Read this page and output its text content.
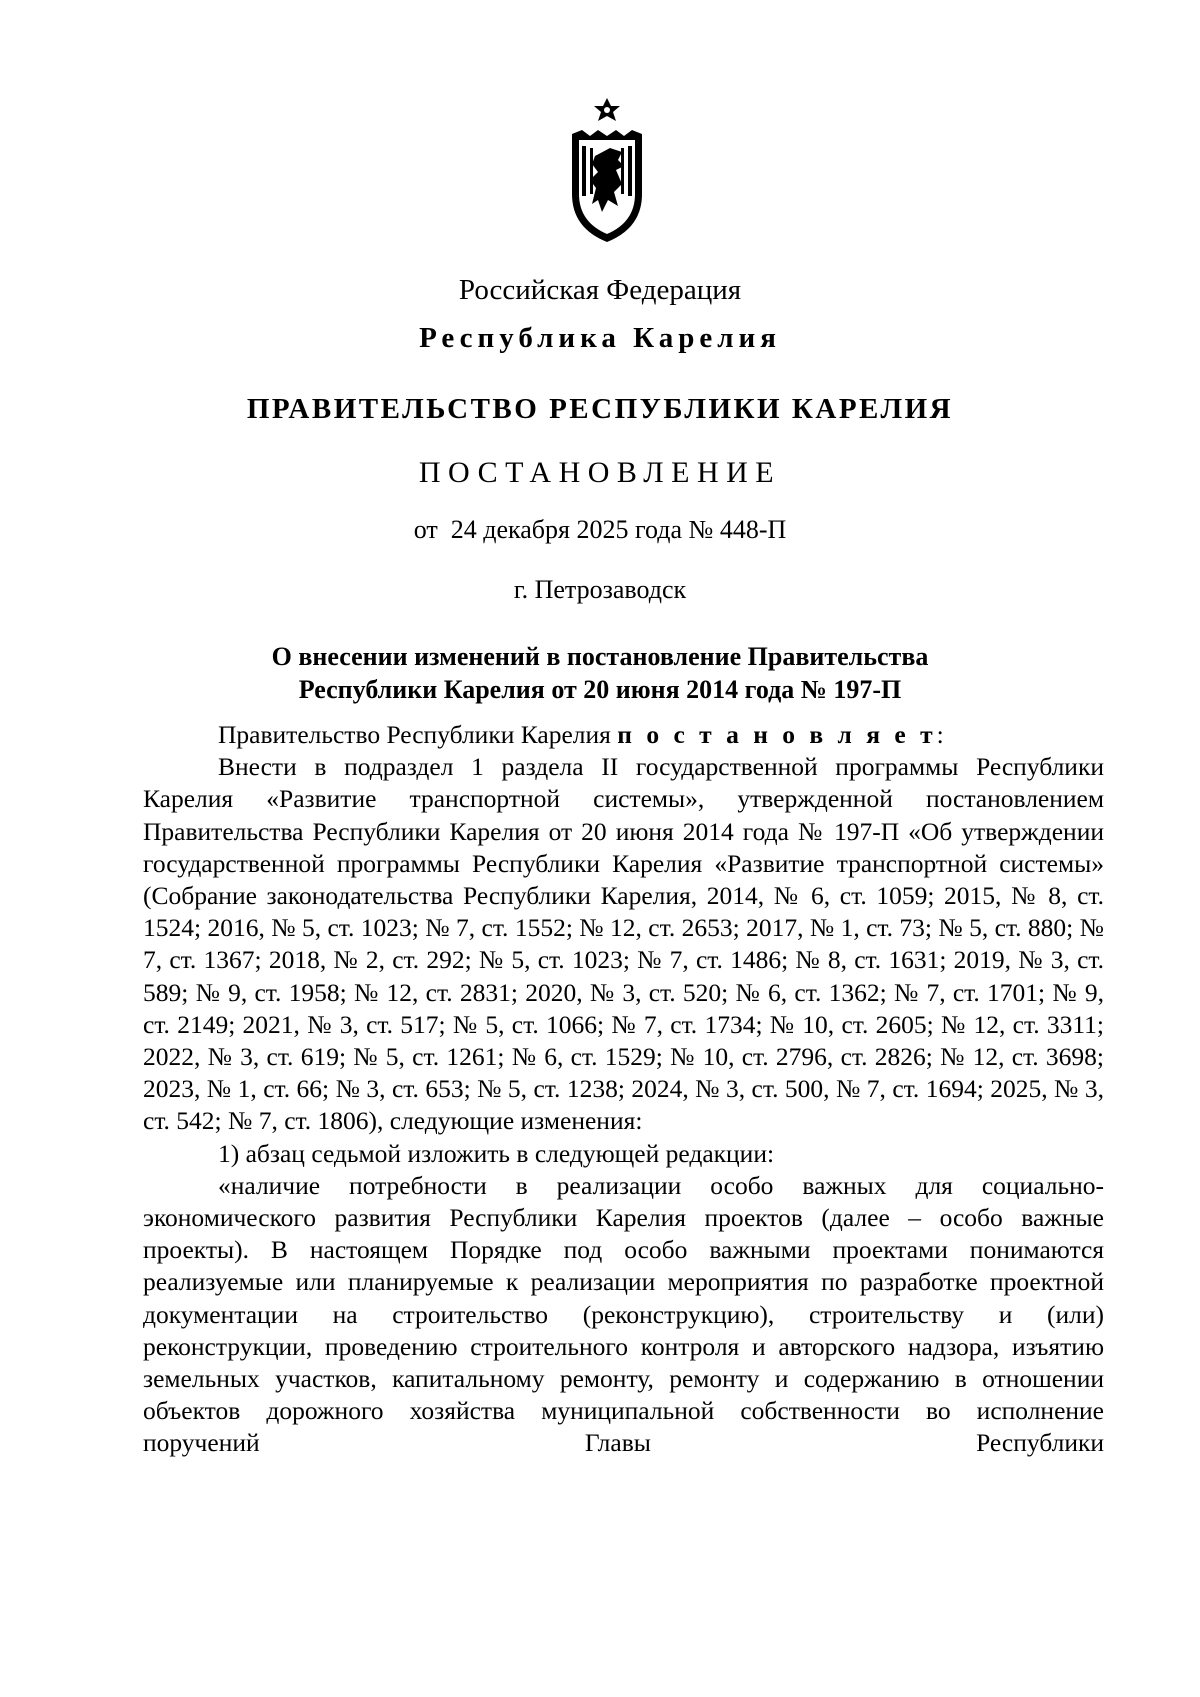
Российская Федерация
Республика Карелия
ПРАВИТЕЛЬСТВО РЕСПУБЛИКИ КАРЕЛИЯ
ПОСТАНОВЛЕНИЕ
от  24 декабря 2025 года № 448-П
г. Петрозаводск
О внесении изменений в постановление Правительства
Республики Карелия от 20 июня 2014 года № 197-П

Правительство Республики Карелия п о с т а н о в л я е т:

Внести в подраздел 1 раздела II государственной программы Республики Карелия «Развитие транспортной системы», утвержденной постановлением Правительства Республики Карелия от 20 июня 2014 года № 197-П «Об утверждении государственной программы Республики Карелия «Развитие транспортной системы» (Собрание законодательства Республики Карелия, 2014, № 6, ст. 1059; 2015, № 8, ст. 1524; 2016, № 5, ст. 1023; № 7, ст. 1552; № 12, ст. 2653; 2017, № 1, ст. 73; № 5, ст. 880; № 7, ст. 1367; 2018, № 2, ст. 292; № 5, ст. 1023; № 7, ст. 1486; № 8, ст. 1631; 2019, № 3, ст. 589; № 9, ст. 1958; № 12, ст. 2831; 2020, № 3, ст. 520; № 6, ст. 1362; № 7, ст. 1701; № 9, ст. 2149; 2021, № 3, ст. 517; № 5, ст. 1066; № 7, ст. 1734; № 10, ст. 2605; № 12, ст. 3311; 2022, № 3, ст. 619; № 5, ст. 1261; № 6, ст. 1529; № 10, ст. 2796, ст. 2826; № 12, ст. 3698; 2023, № 1, ст. 66; № 3, ст. 653; № 5, ст. 1238; 2024, № 3, ст. 500, № 7, ст. 1694; 2025, № 3, ст. 542; № 7, ст. 1806), следующие изменения:

1) абзац седьмой изложить в следующей редакции:

«наличие потребности в реализации особо важных для социально-экономического развития Республики Карелия проектов (далее – особо важные проекты). В настоящем Порядке под особо важными проектами понимаются реализуемые или планируемые к реализации мероприятия по разработке проектной документации на строительство (реконструкцию), строительству и (или) реконструкции, проведению строительного контроля и авторского надзора, изъятию земельных участков, капитальному ремонту, ремонту и содержанию в отношении объектов дорожного хозяйства муниципальной собственности во исполнение поручений Главы Республики
